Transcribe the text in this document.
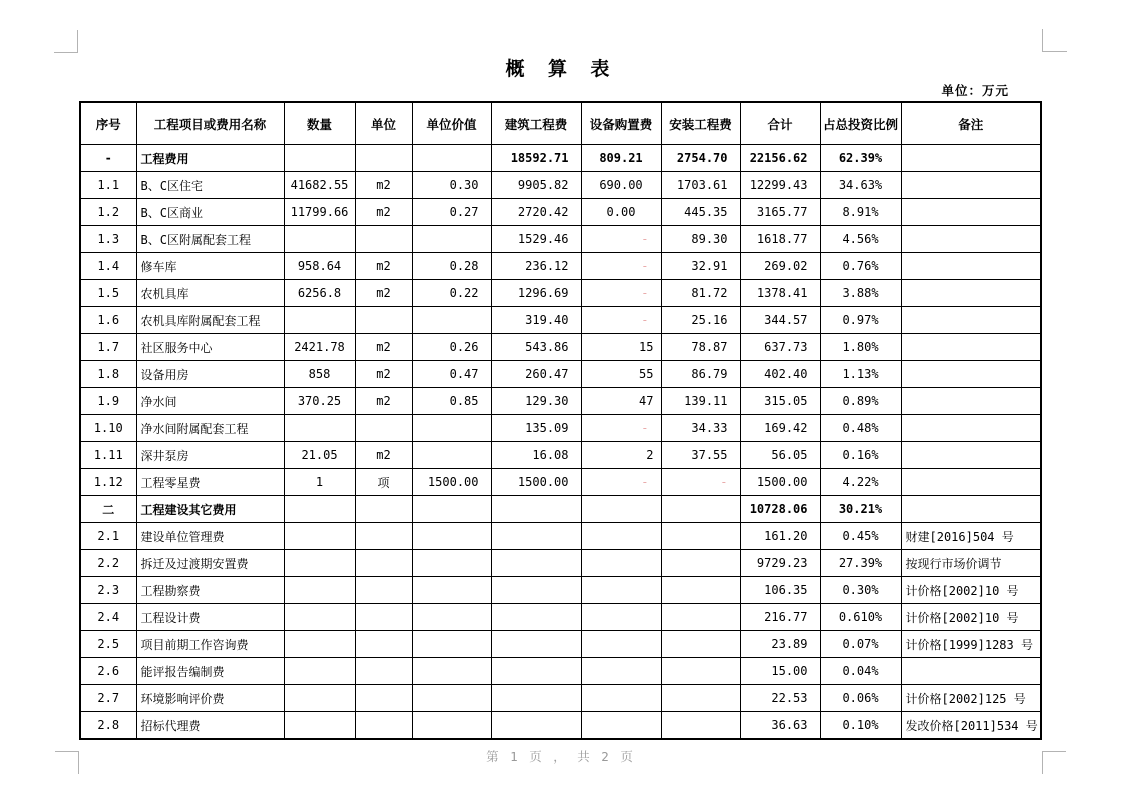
概 算 表
单位：万元
序号	工程项目或费用名称	数量	单位	单位价值	建筑工程费	设备购置费	安装工程费	合计	占总投资比例	备注
-	工程费用				18592.71	809.21	2754.70	22156.62	62.39%	
1.1	B、C区住宅	41682.55	m2	0.30	9905.82	690.00	1703.61	12299.43	34.63%	
1.2	B、C区商业	11799.66	m2	0.27	2720.42	0.00	445.35	3165.77	8.91%	
1.3	B、C区附属配套工程				1529.46	-	89.30	1618.77	4.56%	
1.4	修车库	958.64	m2	0.28	236.12	-	32.91	269.02	0.76%	
1.5	农机具库	6256.8	m2	0.22	1296.69	-	81.72	1378.41	3.88%	
1.6	农机具库附属配套工程				319.40	-	25.16	344.57	0.97%	
1.7	社区服务中心	2421.78	m2	0.26	543.86	15	78.87	637.73	1.80%	
1.8	设备用房	858	m2	0.47	260.47	55	86.79	402.40	1.13%	
1.9	净水间	370.25	m2	0.85	129.30	47	139.11	315.05	0.89%	
1.10	净水间附属配套工程				135.09	-	34.33	169.42	0.48%	
1.11	深井泵房	21.05	m2		16.08	2	37.55	56.05	0.16%	
1.12	工程零星费	1	项	1500.00	1500.00	-	-	1500.00	4.22%	
二	工程建设其它费用							10728.06	30.21%	
2.1	建设单位管理费							161.20	0.45%	财建[2016]504 号
2.2	拆迁及过渡期安置费							9729.23	27.39%	按现行市场价调节
2.3	工程勘察费							106.35	0.30%	计价格[2002]10 号
2.4	工程设计费							216.77	0.610%	计价格[2002]10 号
2.5	项目前期工作咨询费							23.89	0.07%	计价格[1999]1283 号
2.6	能评报告编制费							15.00	0.04%	
2.7	环境影响评价费							22.53	0.06%	计价格[2002]125 号
2.8	招标代理费							36.63	0.10%	发改价格[2011]534 号
第 1 页 ， 共 2 页
